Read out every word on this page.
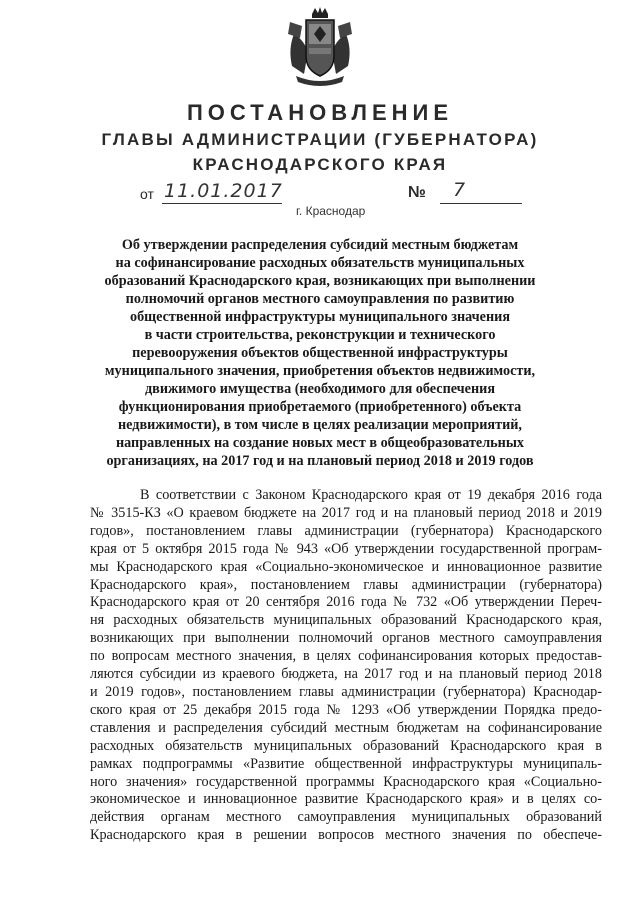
ПОСТАНОВЛЕНИЕ
ГЛАВЫ АДМИНИСТРАЦИИ (ГУБЕРНАТОРА)
КРАСНОДАРСКОГО КРАЯ
от 11.01.2017	№ 7
г. Краснодар
Об утверждении распределения субсидий местным бюджетам
на софинансирование расходных обязательств муниципальных
образований Краснодарского края, возникающих при выполнении
полномочий органов местного самоуправления по развитию
общественной инфраструктуры муниципального значения
в части строительства, реконструкции и технического
перевооружения объектов общественной инфраструктуры
муниципального значения, приобретения объектов недвижимости,
движимого имущества (необходимого для обеспечения
функционирования приобретаемого (приобретенного) объекта
недвижимости), в том числе в целях реализации мероприятий,
направленных на создание новых мест в общеобразовательных
организациях, на 2017 год и на плановый период 2018 и 2019 годов
В соответствии с Законом Краснодарского края от 19 декабря 2016 года
№ 3515-КЗ «О краевом бюджете на 2017 год и на плановый период 2018 и 2019
годов», постановлением главы администрации (губернатора) Краснодарского
края от 5 октября 2015 года № 943 «Об утверждении государственной програм-
мы Краснодарского края «Социально-экономическое и инновационное развитие
Краснодарского края», постановлением главы администрации (губернатора)
Краснодарского края от 20 сентября 2016 года № 732 «Об утверждении Переч-
ня расходных обязательств муниципальных образований Краснодарского края,
возникающих при выполнении полномочий органов местного самоуправления
по вопросам местного значения, в целях софинансирования которых предостав-
ляются субсидии из краевого бюджета, на 2017 год и на плановый период 2018
и 2019 годов», постановлением главы администрации (губернатора) Краснодар-
ского края от 25 декабря 2015 года № 1293 «Об утверждении Порядка предо-
ставления и распределения субсидий местным бюджетам на софинансирование
расходных обязательств муниципальных образований Краснодарского края в
рамках подпрограммы «Развитие общественной инфраструктуры муниципаль-
ного значения» государственной программы Краснодарского края «Социально-
экономическое и инновационное развитие Краснодарского края» и в целях со-
действия органам местного самоуправления муниципальных образований
Краснодарского края в решении вопросов местного значения по обеспече-
